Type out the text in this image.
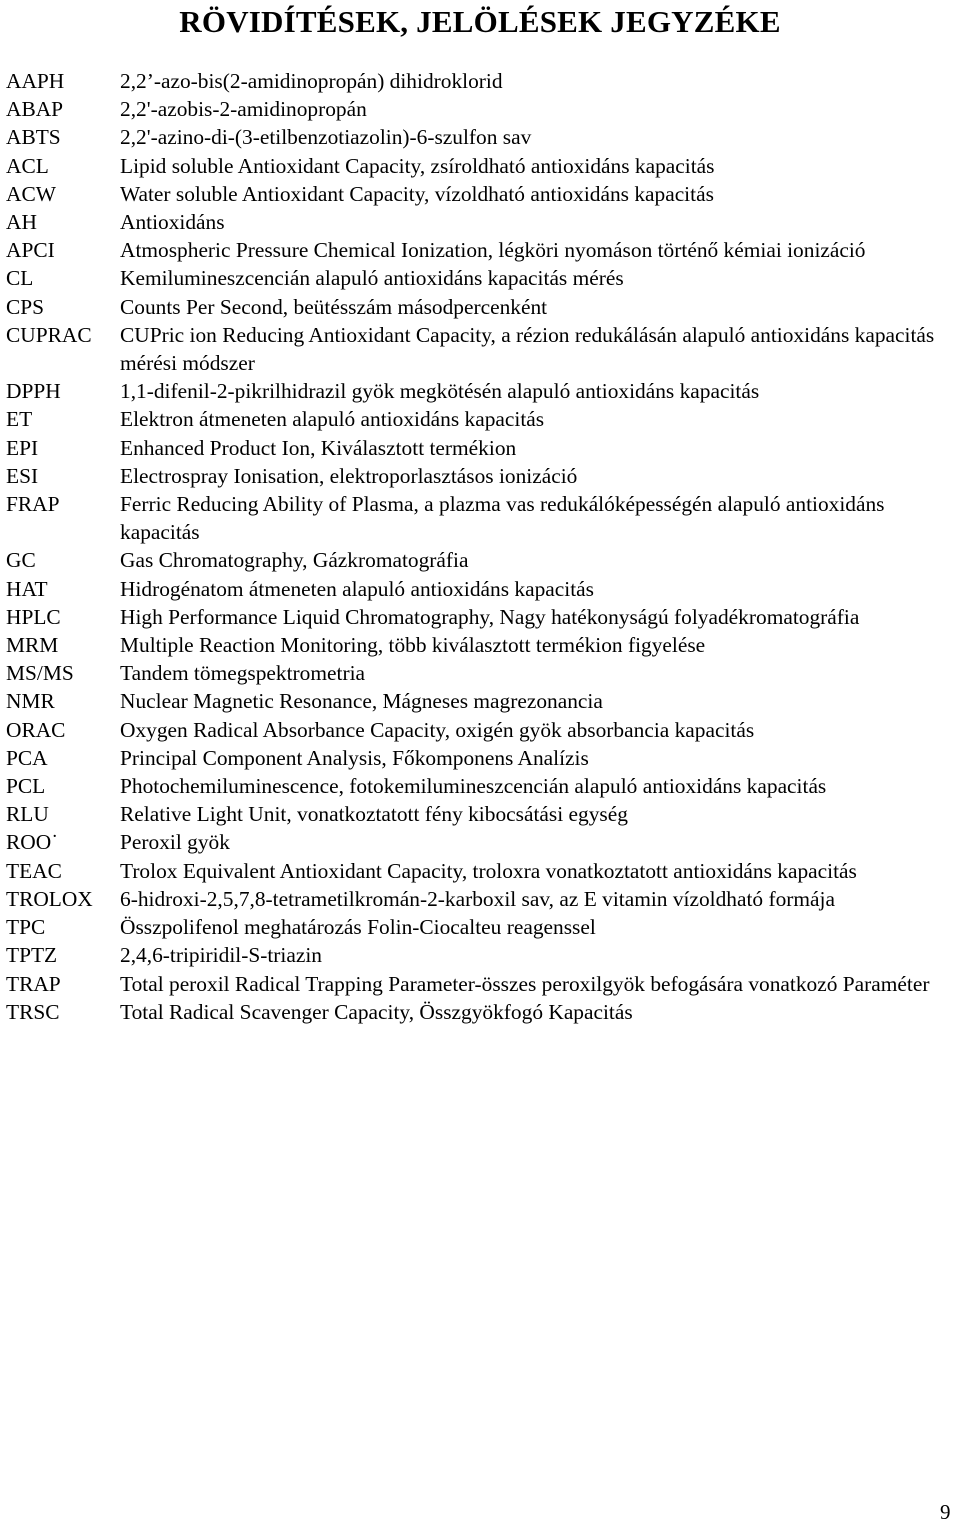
RÖVIDÍTÉSEK, JELÖLÉSEK JEGYZÉKE
AAPH	2,2’-azo-bis(2-amidinopropán) dihidroklorid
ABAP	2,2'-azobis-2-amidinopropán
ABTS	2,2'-azino-di-(3-etilbenzotiazolin)-6-szulfon sav
ACL	Lipid soluble Antioxidant Capacity, zsíroldható antioxidáns kapacitás
ACW	Water soluble Antioxidant Capacity, vízoldható antioxidáns kapacitás
AH	Antioxidáns
APCI	Atmospheric Pressure Chemical Ionization, légköri nyomáson történő kémiai ionizáció
CL	Kemilumineszcencián alapuló antioxidáns kapacitás mérés
CPS	Counts Per Second, beütésszám másodpercenként
CUPRAC CUPric ion Reducing Antioxidant Capacity, a rézion redukálásán alapuló antioxidáns kapacitás mérési módszer
DPPH	1,1-difenil-2-pikrilhidrazil gyök megkötésén alapuló antioxidáns kapacitás
ET	Elektron átmeneten alapuló antioxidáns kapacitás
EPI	Enhanced Product Ion, Kiválasztott termékion
ESI	Electrospray Ionisation, elektroporlasztásos ionizáció
FRAP	Ferric Reducing Ability of Plasma, a plazma vas redukálóképességén alapuló antioxidáns kapacitás
GC	Gas Chromatography, Gázkromatográfia
HAT	Hidrogénatom átmeneten alapuló antioxidáns kapacitás
HPLC	High Performance Liquid Chromatography, Nagy hatékonyságú folyadékromatográfia
MRM	Multiple Reaction Monitoring, több kiválasztott termékion figyelése
MS/MS Tandem tömegspektrometria
NMR	Nuclear Magnetic Resonance, Mágneses magrezonancia
ORAC	Oxygen Radical Absorbance Capacity, oxigén gyök absorbancia kapacitás
PCA	Principal Component Analysis, Főkomponens Analízis
PCL	Photochemiluminescence, fotokemilumineszcencián alapuló antioxidáns kapacitás
RLU	Relative Light Unit, vonatkoztatott fény kibocsátási egység
ROO˙	Peroxil gyök
TEAC	Trolox Equivalent Antioxidant Capacity, troloxra vonatkoztatott antioxidáns kapacitás
TROLOX 6-hidroxi-2,5,7,8-tetrametilkromán-2-karboxil sav, az E vitamin vízoldható formája
TPC	Összpolifenol meghatározás Folin-Ciocalteu reagenssel
TPTZ	2,4,6-tripiridil-S-triazin
TRAP	Total peroxil Radical Trapping Parameter-összes peroxilgyök befogására vonatkozó Paraméter
TRSC	Total Radical Scavenger Capacity, Összgyökfogó Kapacitás
9
